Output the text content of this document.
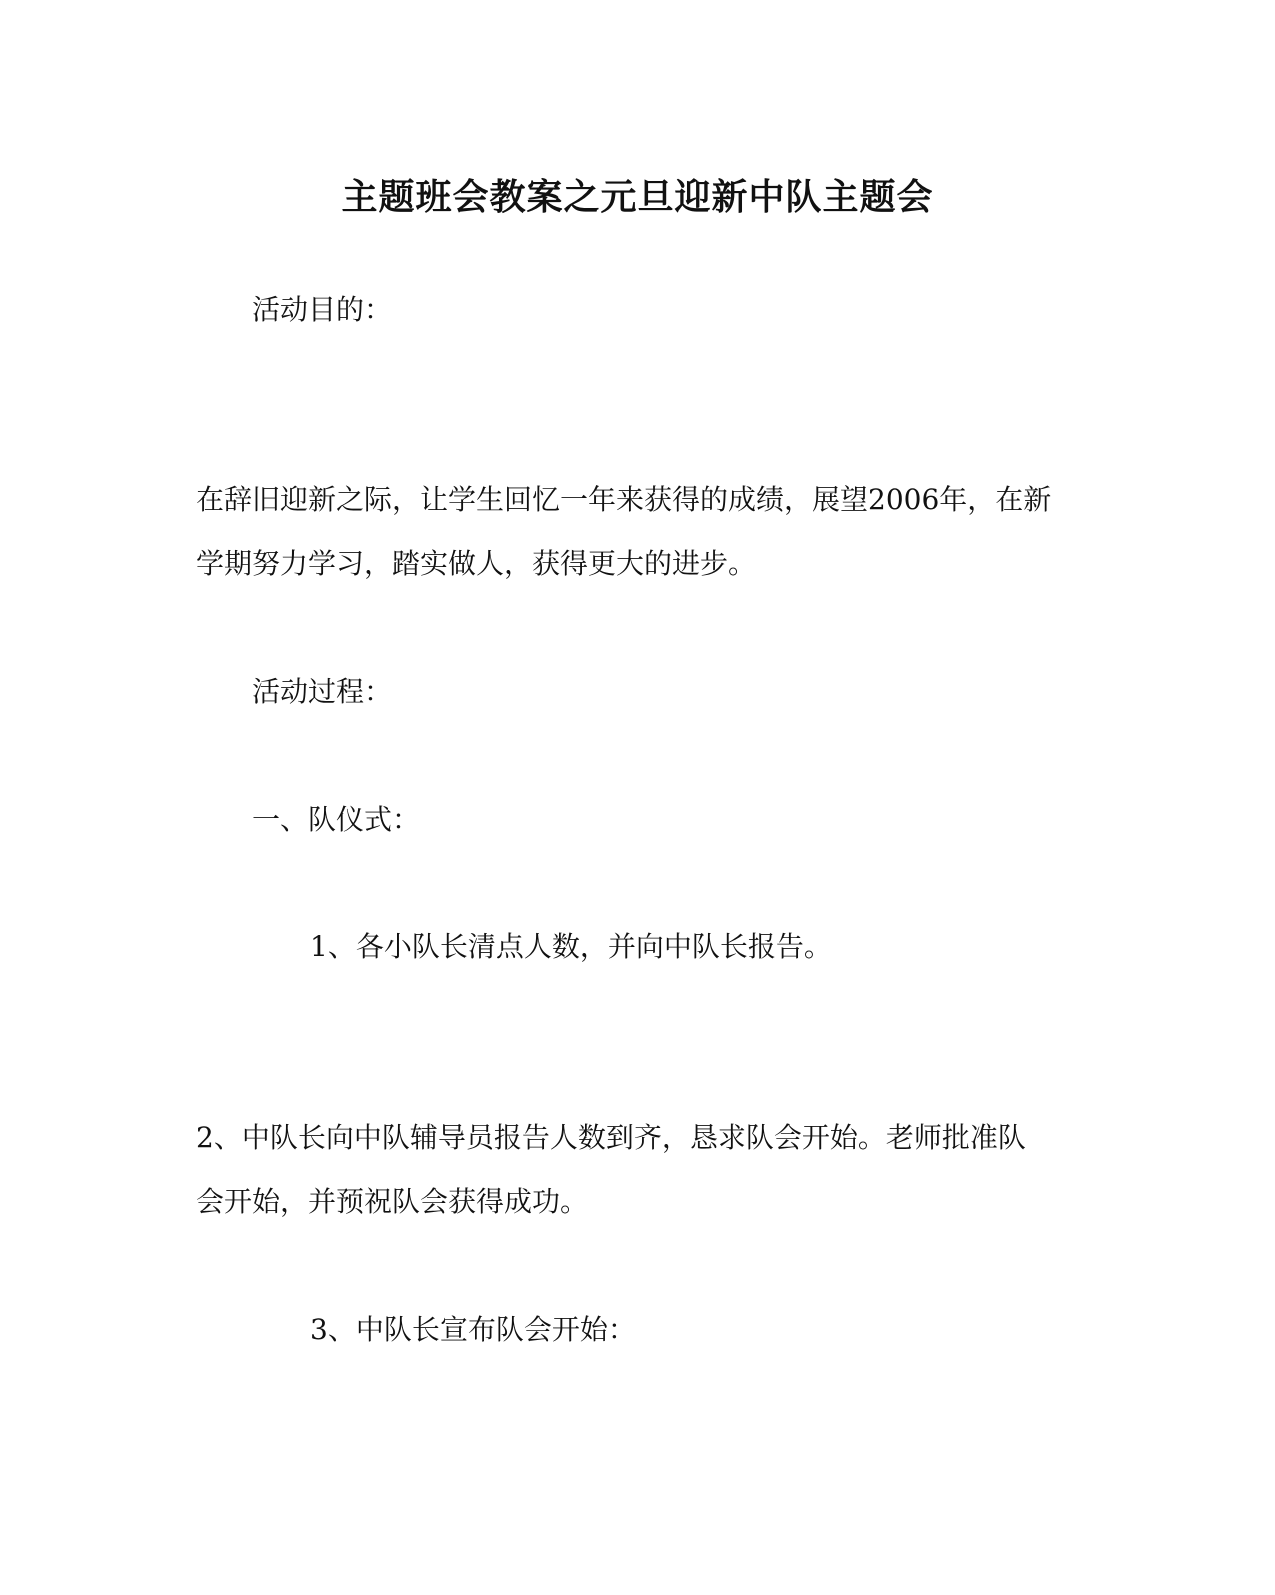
主题班会教案之元旦迎新中队主题会
活动目的：
在辞旧迎新之际，让学生回忆一年来获得的成绩，展望2006年，在新
学期努力学习，踏实做人，获得更大的进步。
活动过程：
一、队仪式：
1、各小队长清点人数，并向中队长报告。
2、中队长向中队辅导员报告人数到齐，恳求队会开始。老师批准队
会开始，并预祝队会获得成功。
3、中队长宣布队会开始：
